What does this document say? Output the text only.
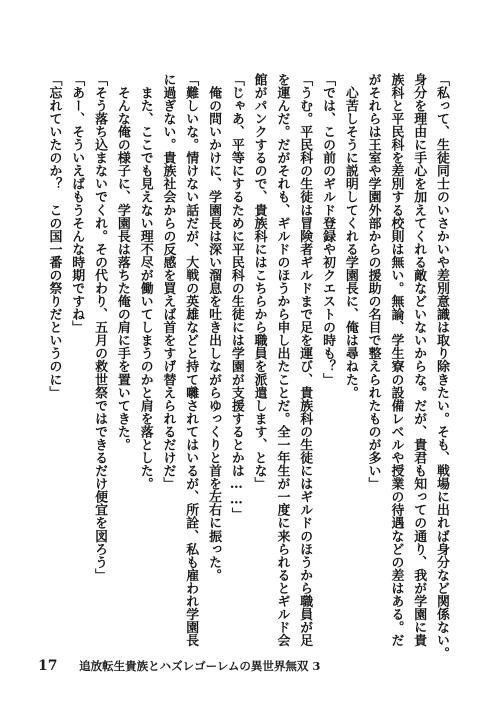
「私って、生徒同士のいさかいや差別意識は取り除きたい。そも、戦場に出れば身分など関係ない。
身分を理由に手心を加えてくれる敵などいないからな。だが、貴君も知っての通り、我が学園に貴
族科と平民科を差別する校則は無い。無論、学生寮の設備レベルや授業の待遇などの差はある。だ
がそれらは王室や学園外部からの援助の名目で整えられたものが多い」
　心苦しそうに説明してくれる学園長に、俺は尋ねた。
「では、この前のギルド登録や初クエストの時も？」
「うむ。平民科の生徒は冒険者ギルドまで足を運び、貴族科の生徒にはギルドのほうから職員が足
を運んだ。だがそれも、ギルドのほうから申し出たことだ。全一年生が一度に来られるとギルド会
館がパンクするので、貴族科にはこちらから職員を派遣します、とな」
「じゃあ、平等にするために平民科の生徒には学園が支援するとかは……」
　俺の問いかけに、学園長は深い溜息を吐き出しながらゆっくりと首を左右に振った。
「難しいな。情けない話だが、大戦の英雄などと持て囃されてはいるが、所詮、私も雇われ学園長
に過ぎない。貴族社会からの反感を買えば首をすげ替えられるだけだ」
　また、ここでも見えない理不尽が働いてしまうのかと肩を落とした。
　そんな俺の様子に、学園長は落ちた俺の肩に手を置いてきた。
「そう落ち込まないでくれ。その代わり、五月の救世祭ではできるだけ便宜を図ろう」
「あー、そういえばもうそんな時期ですね」
「忘れていたのか？　この国一番の祭りだというのに」
17 追放転生貴族とハズレゴーレムの異世界無双 3
